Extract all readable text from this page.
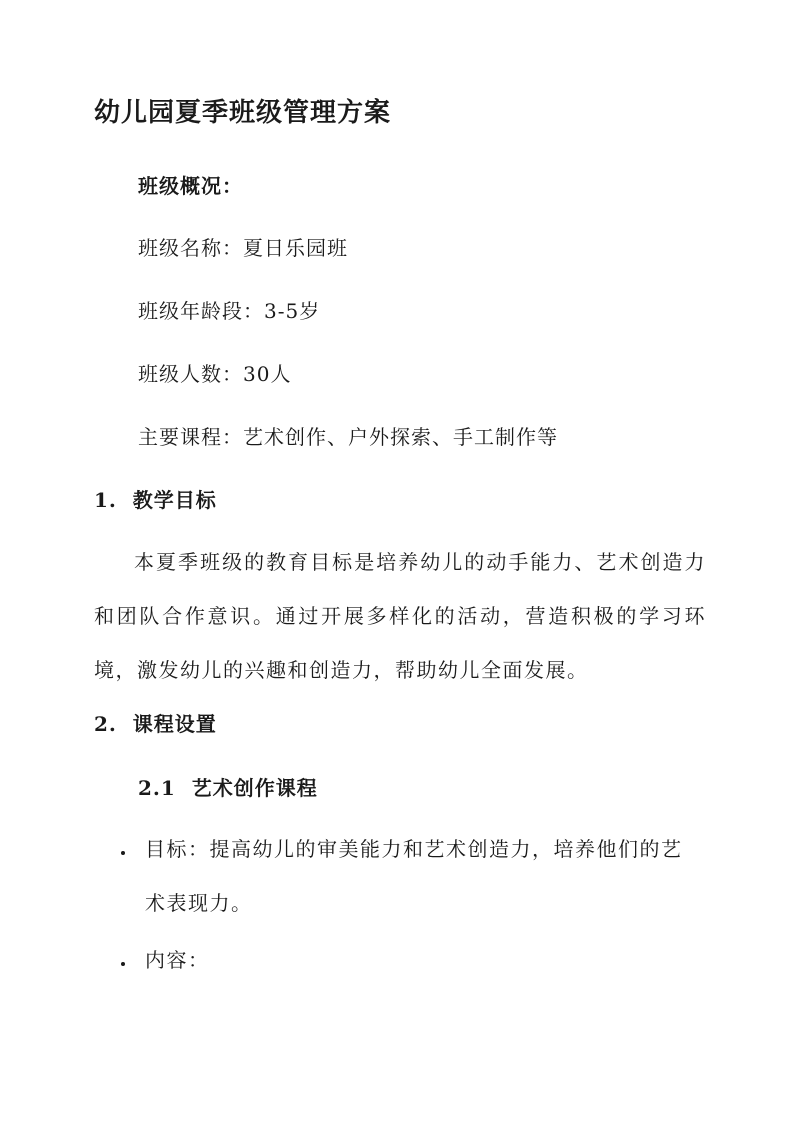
幼儿园夏季班级管理方案
班级概况：
班级名称：夏日乐园班
班级年龄段：3-5岁
班级人数：30人
主要课程：艺术创作、户外探索、手工制作等
1.  教学目标
本夏季班级的教育目标是培养幼儿的动手能力、艺术创造力和团队合作意识。通过开展多样化的活动，营造积极的学习环境，激发幼儿的兴趣和创造力，帮助幼儿全面发展。
2.  课程设置
2.1  艺术创作课程
目标：提高幼儿的审美能力和艺术创造力，培养他们的艺术表现力。
内容：
